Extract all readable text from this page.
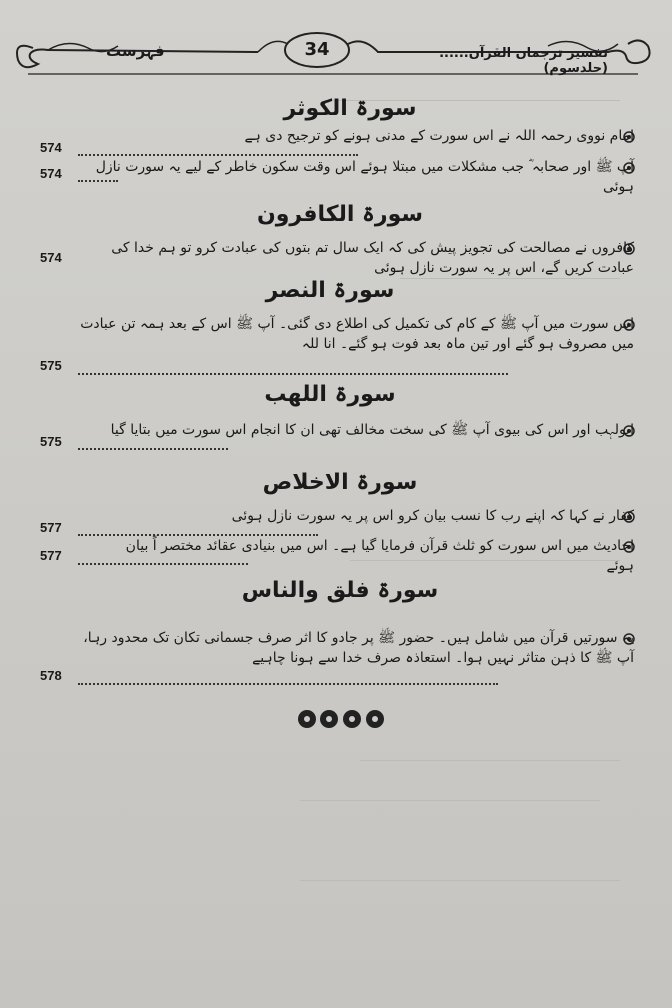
34
فہرست	تفسیر ترجمان القرآن...... (جلدسوم)
سورۃ الکوثر
امام نووی رحمہ اللہ نے اس سورت کے مدنی ہونے کو ترجیح دی ہے
574
آپ ﷺ اور صحابہ ؓ جب مشکلات میں مبتلا ہوئے اس وقت سکون خاطر کے لیے یہ سورت نازل ہوئی
574
سورۃ الکافرون
کافروں نے مصالحت کی تجویز پیش کی کہ ایک سال تم بتوں کی عبادت کرو تو ہم خدا کی عبادت کریں گے، اس پر یہ سورت نازل ہوئی
574
سورۃ النصر
اس سورت میں آپ ﷺ کے کام کی تکمیل کی اطلاع دی گئی۔ آپ ﷺ اس کے بعد ہمہ تن عبادت میں مصروف ہو گئے اور تین ماہ بعد فوت ہو گئے۔ انا للہ
575
سورۃ اللھب
ابولہب اور اس کی بیوی آپ ﷺ کی سخت مخالف تھی ان کا انجام اس سورت میں بتایا گیا
575
سورۃ الاخلاص
کفار نے کہا کہ اپنے رب کا نسب بیان کرو اس پر یہ سورت نازل ہوئی
577
احادیث میں اس سورت کو ثلث قرآن فرمایا گیا ہے۔ اس میں بنیادی عقائد مختصر اً بیان ہوئے
577
سورۃ فلق والناس
یہ سورتیں قرآن میں شامل ہیں۔ حضور ﷺ پر جادو کا اثر صرف جسمانی تکان تک محدود رہا، آپ ﷺ کا ذہن متاثر نہیں ہوا۔ استعاذہ صرف خدا سے ہونا چاہیے
578
